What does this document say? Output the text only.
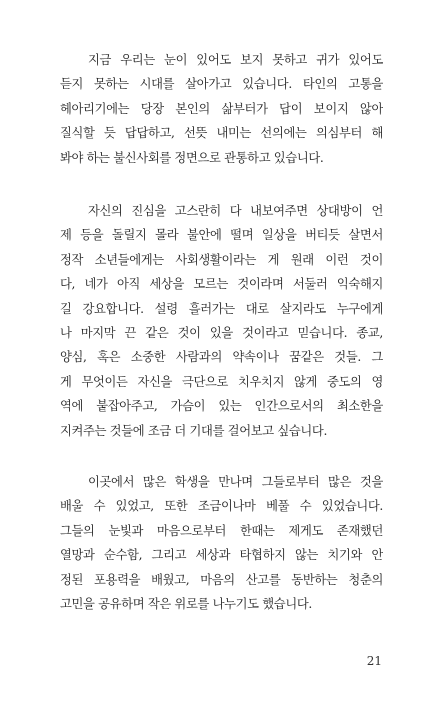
지금 우리는 눈이 있어도 보지 못하고 귀가 있어도
듣지 못하는 시대를 살아가고 있습니다. 타인의 고통을
헤아리기에는 당장 본인의 삶부터가 답이 보이지 않아
질식할 듯 답답하고, 선뜻 내미는 선의에는 의심부터 해
봐야 하는 불신사회를 정면으로 관통하고 있습니다.
자신의 진심을 고스란히 다 내보여주면 상대방이 언
제 등을 돌릴지 몰라 불안에 떨며 일상을 버티듯 살면서
정작 소년들에게는 사회생활이라는 게 원래 이런 것이
다, 네가 아직 세상을 모르는 것이라며 서둘러 익숙해지
길 강요합니다. 설령 흘러가는 대로 살지라도 누구에게
나 마지막 끈 같은 것이 있을 것이라고 믿습니다. 종교,
양심, 혹은 소중한 사람과의 약속이나 꿈같은 것들. 그
게 무엇이든 자신을 극단으로 치우치지 않게 중도의 영
역에 붙잡아주고, 가슴이 있는 인간으로서의 최소한을
지켜주는 것들에 조금 더 기대를 걸어보고 싶습니다.
이곳에서 많은 학생을 만나며 그들로부터 많은 것을
배울 수 있었고, 또한 조금이나마 베풀 수 있었습니다.
그들의 눈빛과 마음으로부터 한때는 제게도 존재했던
열망과 순수함, 그리고 세상과 타협하지 않는 치기와 안
정된 포용력을 배웠고, 마음의 산고를 동반하는 청춘의
고민을 공유하며 작은 위로를 나누기도 했습니다.
21
